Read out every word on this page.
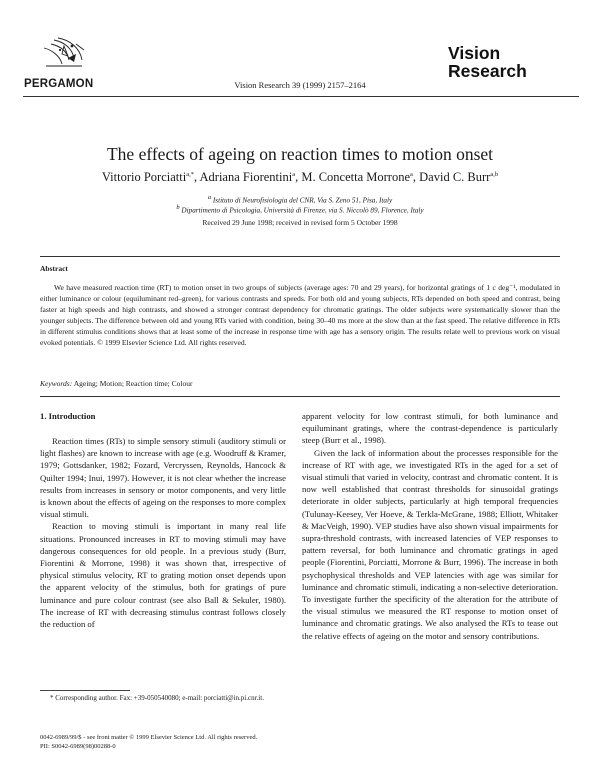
PERGAMON	Vision Research 39 (1999) 2157–2164
Vision
Research
The effects of ageing on reaction times to motion onset
Vittorio Porciatti$^{a,*}$, Adriana Fiorentini$^a$, M. Concetta Morrone$^a$, David C. Burr$^{a,b}$
$^a$ Istituto di Neurofisiologia del CNR, Via S. Zeno 51, Pisa, Italy
$^b$ Dipartimento di Psicologia, Università di Firenze, via S. Niccolò 89, Florence, Italy
Received 29 June 1998; received in revised form 5 October 1998
Abstract
We have measured reaction time (RT) to motion onset in two groups of subjects (average ages: 70 and 29 years), for horizontal gratings of 1 c deg⁻¹, modulated in either luminance or colour (equiluminant red–green), for various contrasts and speeds. For both old and young subjects, RTs depended on both speed and contrast, being faster at high speeds and high contrasts, and showed a stronger contrast dependency for chromatic gratings. The older subjects were systematically slower than the younger subjects. The difference between old and young RTs varied with condition, being 30–40 ms more at the slow than at the fast speed. The relative difference in RTs in different stimulus conditions shows that at least some of the increase in response time with age has a sensory origin. The results relate well to previous work on visual evoked potentials. © 1999 Elsevier Science Ltd. All rights reserved.
Keywords: Ageing; Motion; Reaction time; Colour
1. Introduction

Reaction times (RTs) to simple sensory stimuli (auditory stimuli or light flashes) are known to increase with age (e.g. Woodruff & Kramer, 1979; Gottsdanker, 1982; Fozard, Vercryssen, Reynolds, Hancock & Quilter 1994; Inui, 1997). However, it is not clear whether the increase results from increases in sensory or motor components, and very little is known about the effects of ageing on the responses to more complex visual stimuli.

Reaction to moving stimuli is important in many real life situations. Pronounced increases in RT to moving stimuli may have dangerous consequences for old people. In a previous study (Burr, Fiorentini & Morrone, 1998) it was shown that, irrespective of physical stimulus velocity, RT to grating motion onset depends upon the apparent velocity of the stimulus, both for gratings of pure luminance and pure colour contrast (see also Ball & Sekuler, 1980). The increase of RT with decreasing stimulus contrast follows closely the reduction of

apparent velocity for low contrast stimuli, for both luminance and equiluminant gratings, where the contrast-dependence is particularly steep (Burr et al., 1998).

Given the lack of information about the processes responsible for the increase of RT with age, we investigated RTs in the aged for a set of visual stimuli that varied in velocity, contrast and chromatic content. It is now well established that contrast thresholds for sinusoidal gratings deteriorate in older subjects, particularly at high temporal frequencies (Tulunay-Keesey, Ver Hoeve, & Terkla-McGrane, 1988; Elliott, Whitaker & MacVeigh, 1990). VEP studies have also shown visual impairments for supra-threshold contrasts, with increased latencies of VEP responses to pattern reversal, for both luminance and chromatic gratings in aged people (Fiorentini, Porciatti, Morrone & Burr, 1996). The increase in both psychophysical thresholds and VEP latencies with age was similar for luminance and chromatic stimuli, indicating a non-selective deterioration. To investigate further the specificity of the alteration for the attribute of the visual stimulus we measured the RT response to motion onset of luminance and chromatic gratings. We also analysed the RTs to tease out the relative effects of ageing on the motor and sensory contributions.

* Corresponding author. Fax: +39-050540080; e-mail: porciatti@in.pi.cnr.it.
0042-6989/99/$ - see front matter © 1999 Elsevier Science Ltd. All rights reserved.
PII: S0042-6989(98)00288-0
